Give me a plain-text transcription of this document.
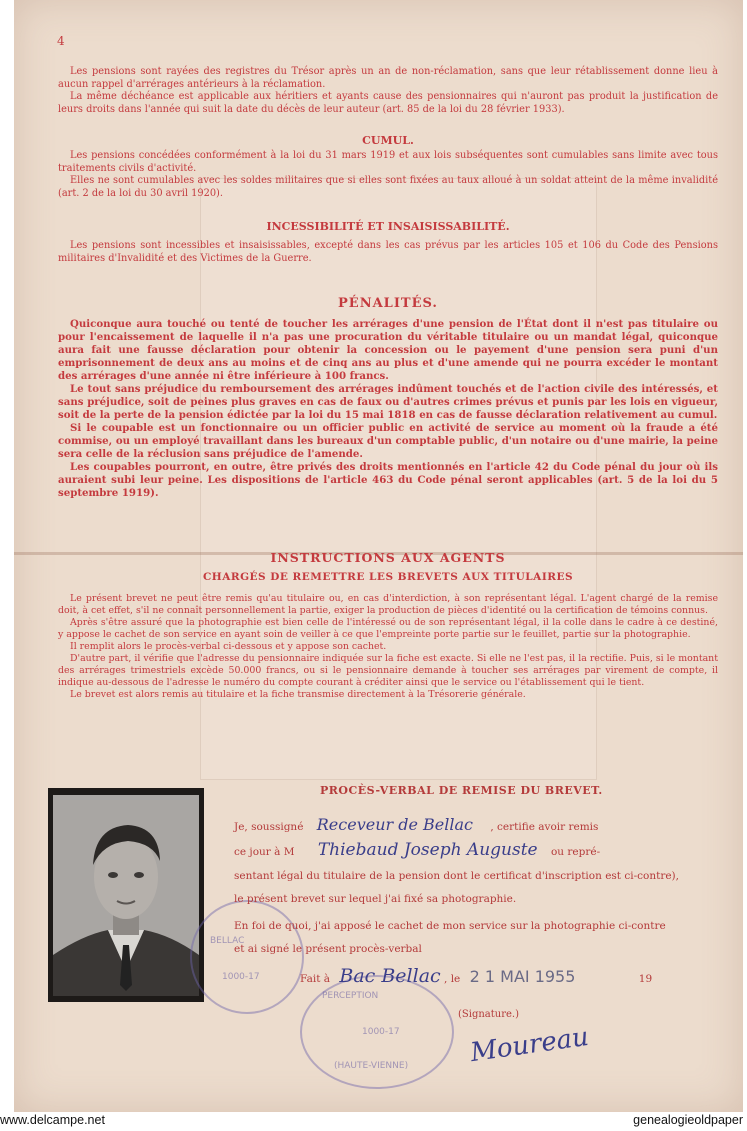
4

Les pensions sont rayées des registres du Trésor après un an de non-réclamation, sans que leur rétablissement donne lieu à aucun rappel d'arrérages antérieurs à la réclamation.

La même déchéance est applicable aux héritiers et ayants cause des pensionnaires qui n'auront pas produit la justification de leurs droits dans l'année qui suit la date du décès de leur auteur (art. 85 de la loi du 28 février 1933).

CUMUL.

Les pensions concédées conformément à la loi du 31 mars 1919 et aux lois subséquentes sont cumulables sans limite avec tous traitements civils d'activité.

Elles ne sont cumulables avec les soldes militaires que si elles sont fixées au taux alloué à un soldat atteint de la même invalidité (art. 2 de la loi du 30 avril 1920).

INCESSIBILITÉ ET INSAISISSABILITÉ.

Les pensions sont incessibles et insaisissables, excepté dans les cas prévus par les articles 105 et 106 du Code des Pensions militaires d'Invalidité et des Victimes de la Guerre.

PÉNALITÉS.

Quiconque aura touché ou tenté de toucher les arrérages d'une pension de l'État dont il n'est pas titulaire ou pour l'encaissement de laquelle il n'a pas une procuration du véritable titulaire ou un mandat légal, quiconque aura fait une fausse déclaration pour obtenir la concession ou le payement d'une pension sera puni d'un emprisonnement de deux ans au moins et de cinq ans au plus et d'une amende qui ne pourra excéder le montant des arrérages d'une année ni être inférieure à 100 francs.

Le tout sans préjudice du remboursement des arrérages indûment touchés et de l'action civile des intéressés, et sans préjudice, soit de peines plus graves en cas de faux ou d'autres crimes prévus et punis par les lois en vigueur, soit de la perte de la pension édictée par la loi du 15 mai 1818 en cas de fausse déclaration relativement au cumul.

Si le coupable est un fonctionnaire ou un officier public en activité de service au moment où la fraude a été commise, ou un employé travaillant dans les bureaux d'un comptable public, d'un notaire ou d'une mairie, la peine sera celle de la réclusion sans préjudice de l'amende.

Les coupables pourront, en outre, être privés des droits mentionnés en l'article 42 du Code pénal du jour où ils auraient subi leur peine. Les dispositions de l'article 463 du Code pénal seront applicables (art. 5 de la loi du 5 septembre 1919).

INSTRUCTIONS AUX AGENTS
CHARGÉS DE REMETTRE LES BREVETS AUX TITULAIRES

Le présent brevet ne peut être remis qu'au titulaire ou, en cas d'interdiction, à son représentant légal. L'agent chargé de la remise doit, à cet effet, s'il ne connaît personnellement la partie, exiger la production de pièces d'identité ou la certification de témoins connus.

Après s'être assuré que la photographie est bien celle de l'intéressé ou de son représentant légal, il la colle dans le cadre à ce destiné, y appose le cachet de son service en ayant soin de veiller à ce que l'empreinte porte partie sur le feuillet, partie sur la photographie.

Il remplit alors le procès-verbal ci-dessous et y appose son cachet.

D'autre part, il vérifie que l'adresse du pensionnaire indiquée sur la fiche est exacte. Si elle ne l'est pas, il la rectifie. Puis, si le montant des arrérages trimestriels excède 50.000 francs, ou si le pensionnaire demande à toucher ses arrérages par virement de compte, il indique au-dessous de l'adresse le numéro du compte courant à créditer ainsi que le service ou l'établissement qui le tient.

Le brevet est alors remis au titulaire et la fiche transmise directement à la Trésorerie générale.

BELLAC
1000-17
PERCEPTION
1000-17
(HAUTE-VIENNE)
PROCÈS-VERBAL DE REMISE DU BREVET.
Je, soussigné Receveur de Bellac , certifie avoir remis
ce jour à M Thiebaud Joseph Auguste ou repré-
sentant légal du titulaire de la pension dont le certificat d'inscription est ci-contre),
le présent brevet sur lequel j'ai fixé sa photographie.
En foi de quoi, j'ai apposé le cachet de mon service sur la photographie ci-contre
et ai signé le présent procès-verbal
Fait à Bac Bellac , le 2 1 MAI 1955	19
(Signature.)
Moureau
www.delcampe.net	genealogieoldpaper
